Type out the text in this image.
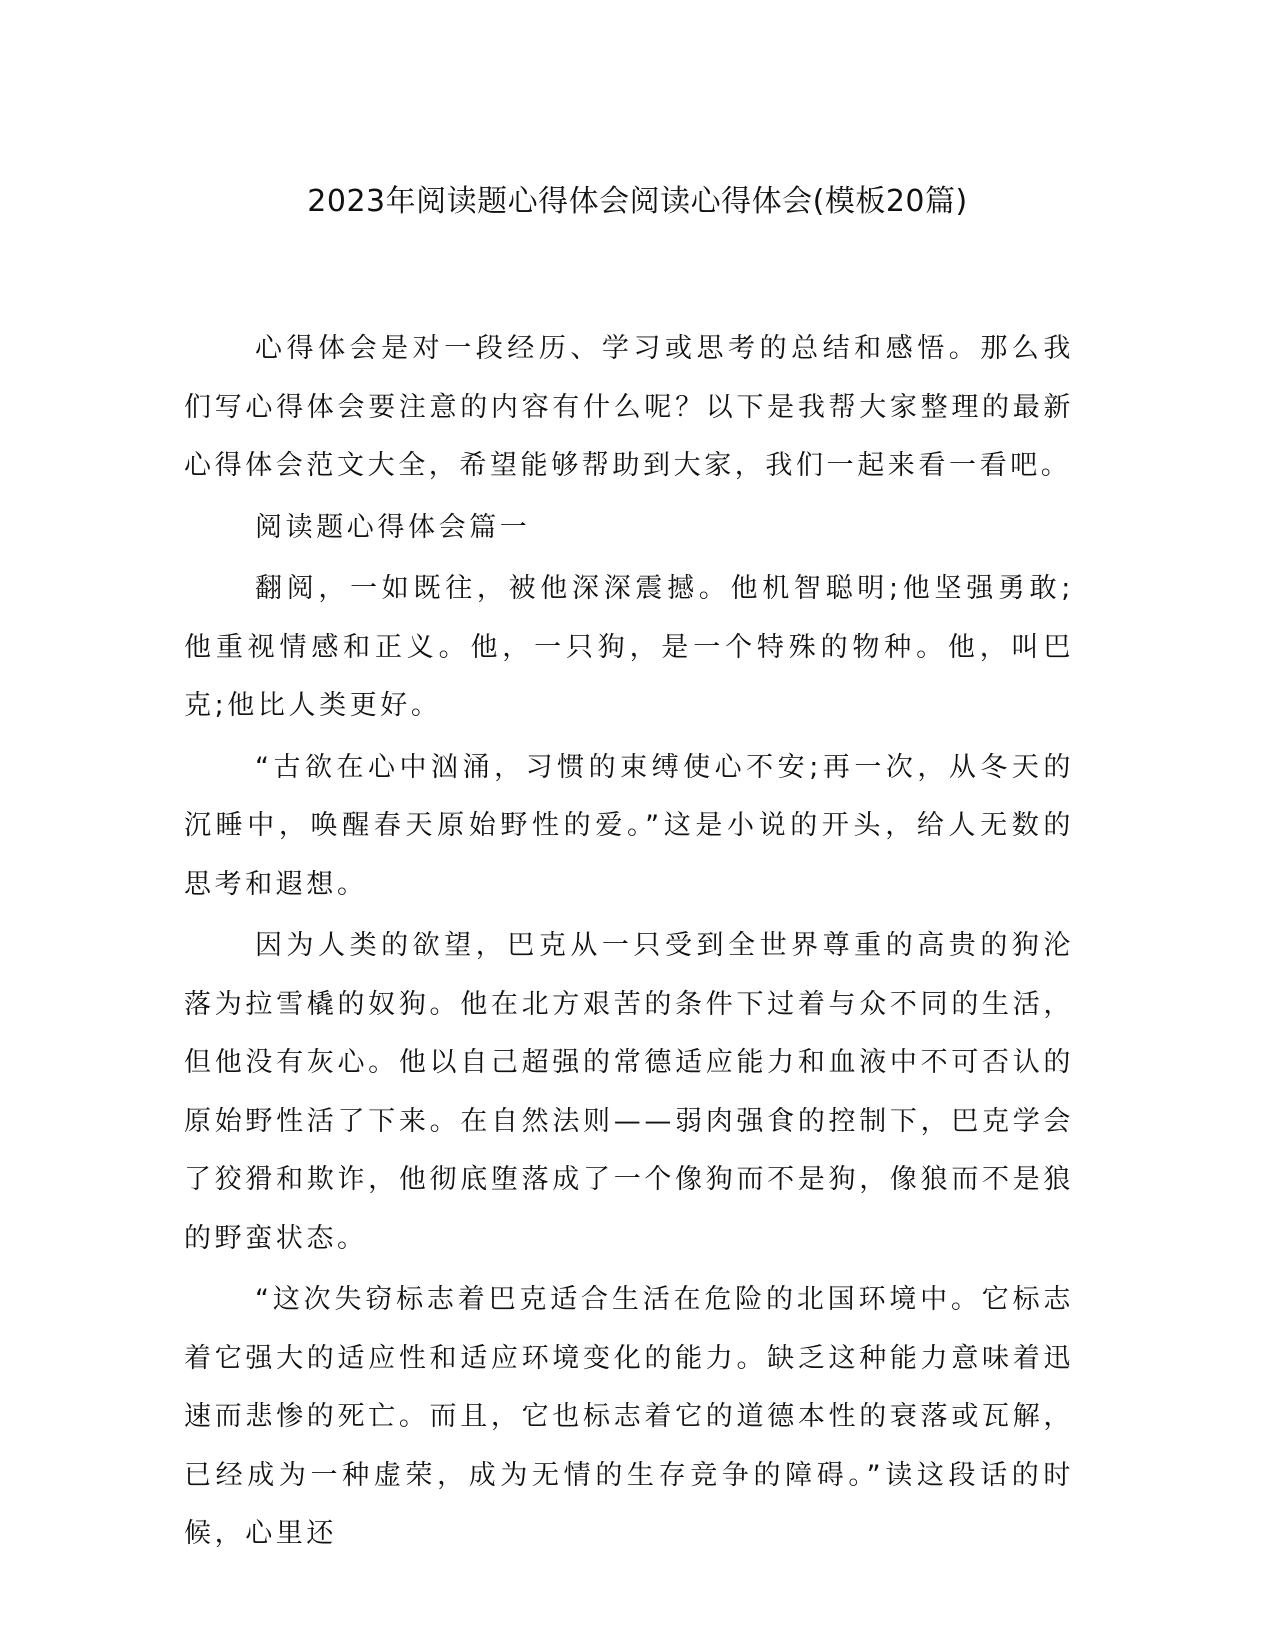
2023年阅读题心得体会阅读心得体会(模板20篇)

心得体会是对一段经历、学习或思考的总结和感悟。那么我们写心得体会要注意的内容有什么呢？以下是我帮大家整理的最新心得体会范文大全，希望能够帮助到大家，我们一起来看一看吧。

阅读题心得体会篇一

翻阅，一如既往，被他深深震撼。他机智聪明;他坚强勇敢;他重视情感和正义。他，一只狗，是一个特殊的物种。他，叫巴克;他比人类更好。

“古欲在心中汹涌，习惯的束缚使心不安;再一次，从冬天的沉睡中，唤醒春天原始野性的爱。”这是小说的开头，给人无数的思考和遐想。

因为人类的欲望，巴克从一只受到全世界尊重的高贵的狗沦落为拉雪橇的奴狗。他在北方艰苦的条件下过着与众不同的生活，但他没有灰心。他以自己超强的常德适应能力和血液中不可否认的原始野性活了下来。在自然法则——弱肉强食的控制下，巴克学会了狡猾和欺诈，他彻底堕落成了一个像狗而不是狗，像狼而不是狼的野蛮状态。

“这次失窃标志着巴克适合生活在危险的北国环境中。它标志着它强大的适应性和适应环境变化的能力。缺乏这种能力意味着迅速而悲惨的死亡。而且，它也标志着它的道德本性的衰落或瓦解，已经成为一种虚荣，成为无情的生存竞争的障碍。”读这段话的时候，心里还
